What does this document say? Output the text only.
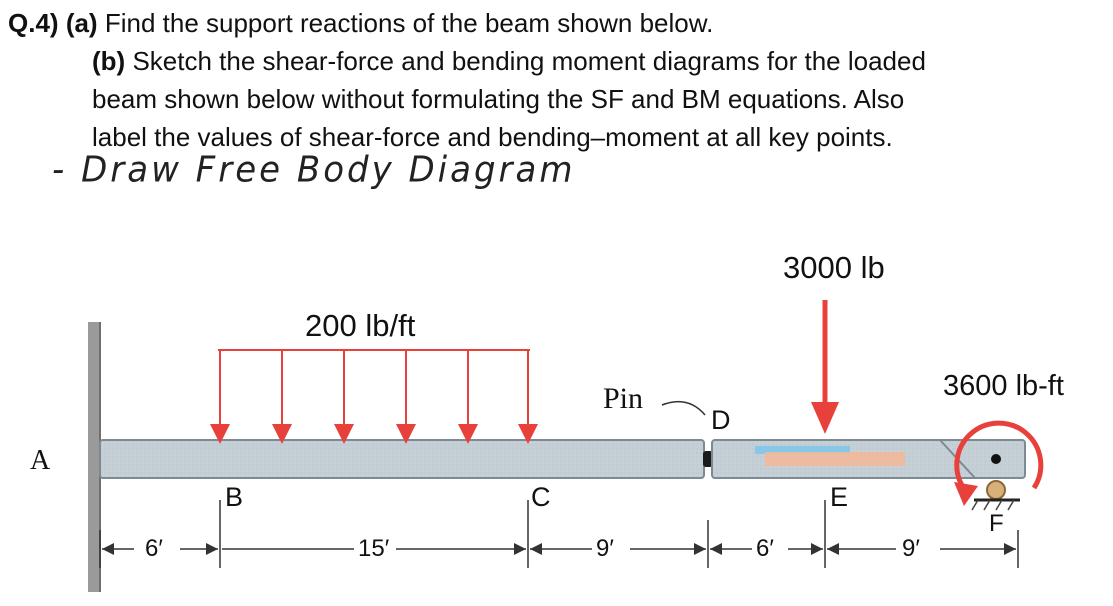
Q.4) (a) Find the support reactions of the beam shown below.
(b) Sketch the shear-force and bending moment diagrams for the loaded
beam shown below without formulating the SF and BM equations. Also
label the values of shear-force and bending–moment at all key points.
- Draw Free Body Diagram
200 lb/ft
3000 lb
3600 lb-ft
Pin
A
B	C
D
E
F
6′	15′	9′	6′	9′
